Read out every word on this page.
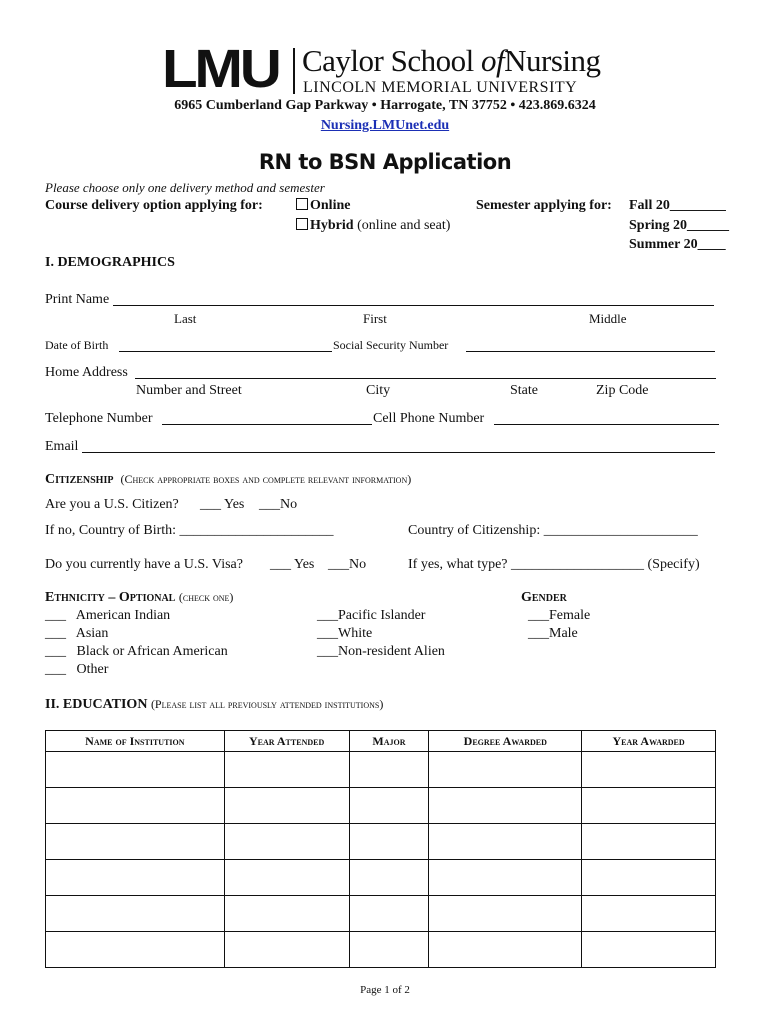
LMU Caylor School ofNursing
LINCOLN MEMORIAL UNIVERSITY
6965 Cumberland Gap Parkway • Harrogate, TN 37752 • 423.869.6324
Nursing.LMUnet.edu
RN to BSN Application
Please choose only one delivery method and semester
Course delivery option applying for:	Online
Hybrid (online and seat)
Semester applying for: Fall 20________
Spring 20______
Summer 20____
I. DEMOGRAPHICS
Print Name
Last	First	Middle
Date of Birth	Social Security Number
Home Address
Number and Street	City	State	Zip Code
Telephone Number	Cell Phone Number
Email
Citizenship (Check appropriate boxes and complete relevant information)
Are you a U.S. Citizen? ___ Yes ___No
If no, Country of Birth: ______________________	Country of Citizenship: ______________________
Do you currently have a U.S. Visa? ___ Yes ___No	If yes, what type? ___________________ (Specify)
Ethnicity – Optional (check one)
___   American Indian
___   Asian
___   Black or African American
___   Other
___Pacific Islander
___White
___Non-resident Alien
Gender
___Female
___Male
II. EDUCATION (Please list all previously attended institutions)
Name of Institution	Year Attended	Major	Degree Awarded	Year Awarded

Page 1 of 2
